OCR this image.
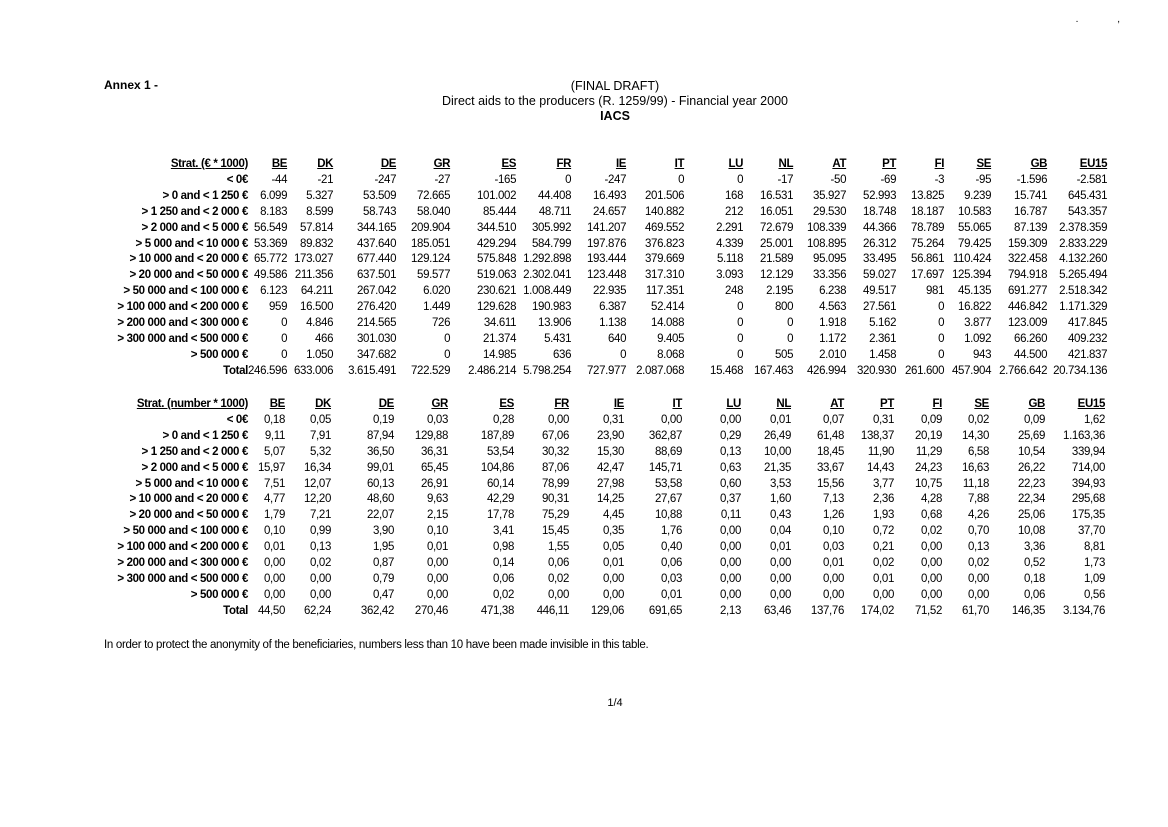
. ,
Annex 1 -	(FINAL DRAFT)
Direct aids to the producers (R. 1259/99) - Financial year 2000
IACS
Strat. (€ * 1000)	BE	DK	DE	GR	ES	FR	IE	IT	LU	NL	AT	PT	FI	SE	GB	EU15
< 0€	-44	-21	-247	-27	-165	0	-247	0	0	-17	-50	-69	-3	-95	-1.596	-2.581
> 0 and < 1 250 €	6.099	5.327	53.509	72.665	101.002	44.408	16.493	201.506	168	16.531	35.927	52.993	13.825	9.239	15.741	645.431
> 1 250 and < 2 000 €	8.183	8.599	58.743	58.040	85.444	48.711	24.657	140.882	212	16.051	29.530	18.748	18.187	10.583	16.787	543.357
> 2 000 and < 5 000 €	56.549	57.814	344.165	209.904	344.510	305.992	141.207	469.552	2.291	72.679	108.339	44.366	78.789	55.065	87.139	2.378.359
> 5 000 and < 10 000 €	53.369	89.832	437.640	185.051	429.294	584.799	197.876	376.823	4.339	25.001	108.895	26.312	75.264	79.425	159.309	2.833.229
> 10 000 and < 20 000 €	65.772	173.027	677.440	129.124	575.848	1.292.898	193.444	379.669	5.118	21.589	95.095	33.495	56.861	110.424	322.458	4.132.260
> 20 000 and < 50 000 €	49.586	211.356	637.501	59.577	519.063	2.302.041	123.448	317.310	3.093	12.129	33.356	59.027	17.697	125.394	794.918	5.265.494
> 50 000 and < 100 000 €	6.123	64.211	267.042	6.020	230.621	1.008.449	22.935	117.351	248	2.195	6.238	49.517	981	45.135	691.277	2.518.342
> 100 000 and < 200 000 €	959	16.500	276.420	1.449	129.628	190.983	6.387	52.414	0	800	4.563	27.561	0	16.822	446.842	1.171.329
> 200 000 and < 300 000 €	0	4.846	214.565	726	34.611	13.906	1.138	14.088	0	0	1.918	5.162	0	3.877	123.009	417.845
> 300 000 and < 500 000 €	0	466	301.030	0	21.374	5.431	640	9.405	0	0	1.172	2.361	0	1.092	66.260	409.232
> 500 000 €	0	1.050	347.682	0	14.985	636	0	8.068	0	505	2.010	1.458	0	943	44.500	421.837
Total	246.596	633.006	3.615.491	722.529	2.486.214	5.798.254	727.977	2.087.068	15.468	167.463	426.994	320.930	261.600	457.904	2.766.642	20.734.136
Strat. (number * 1000)	BE	DK	DE	GR	ES	FR	IE	IT	LU	NL	AT	PT	FI	SE	GB	EU15
< 0€	0,18	0,05	0,19	0,03	0,28	0,00	0,31	0,00	0,00	0,01	0,07	0,31	0,09	0,02	0,09	1,62
> 0 and < 1 250 €	9,11	7,91	87,94	129,88	187,89	67,06	23,90	362,87	0,29	26,49	61,48	138,37	20,19	14,30	25,69	1.163,36
> 1 250 and < 2 000 €	5,07	5,32	36,50	36,31	53,54	30,32	15,30	88,69	0,13	10,00	18,45	11,90	11,29	6,58	10,54	339,94
> 2 000 and < 5 000 €	15,97	16,34	99,01	65,45	104,86	87,06	42,47	145,71	0,63	21,35	33,67	14,43	24,23	16,63	26,22	714,00
> 5 000 and < 10 000 €	7,51	12,07	60,13	26,91	60,14	78,99	27,98	53,58	0,60	3,53	15,56	3,77	10,75	11,18	22,23	394,93
> 10 000 and < 20 000 €	4,77	12,20	48,60	9,63	42,29	90,31	14,25	27,67	0,37	1,60	7,13	2,36	4,28	7,88	22,34	295,68
> 20 000 and < 50 000 €	1,79	7,21	22,07	2,15	17,78	75,29	4,45	10,88	0,11	0,43	1,26	1,93	0,68	4,26	25,06	175,35
> 50 000 and < 100 000 €	0,10	0,99	3,90	0,10	3,41	15,45	0,35	1,76	0,00	0,04	0,10	0,72	0,02	0,70	10,08	37,70
> 100 000 and < 200 000 €	0,01	0,13	1,95	0,01	0,98	1,55	0,05	0,40	0,00	0,01	0,03	0,21	0,00	0,13	3,36	8,81
> 200 000 and < 300 000 €	0,00	0,02	0,87	0,00	0,14	0,06	0,01	0,06	0,00	0,00	0,01	0,02	0,00	0,02	0,52	1,73
> 300 000 and < 500 000 €	0,00	0,00	0,79	0,00	0,06	0,02	0,00	0,03	0,00	0,00	0,00	0,01	0,00	0,00	0,18	1,09
> 500 000 €	0,00	0,00	0,47	0,00	0,02	0,00	0,00	0,01	0,00	0,00	0,00	0,00	0,00	0,00	0,06	0,56
Total	44,50	62,24	362,42	270,46	471,38	446,11	129,06	691,65	2,13	63,46	137,76	174,02	71,52	61,70	146,35	3.134,76
In order to protect the anonymity of the beneficiaries, numbers less than 10 have been made invisible in this table.
1/4
